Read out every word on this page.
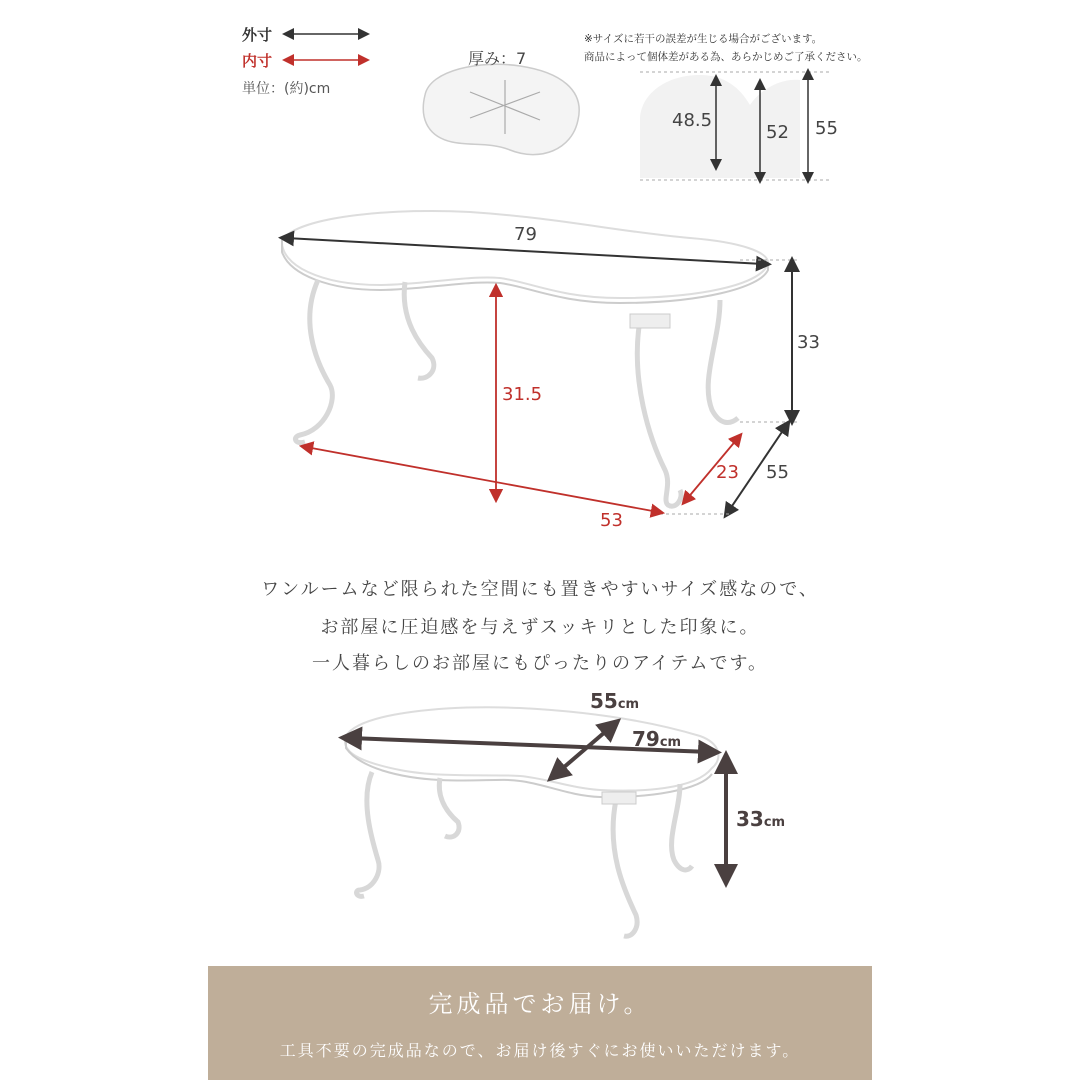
外寸
内寸
単位：(約)cm
48.5
52 55
厚み：7
79
33
31.5
55
23
53
55cm
79cm
33cm
※サイズに若干の誤差が生じる場合がございます。
商品によって個体差がある為、あらかじめご了承ください。
ワンルームなど限られた空間にも置きやすいサイズ感なので、
お部屋に圧迫感を与えずスッキリとした印象に。
一人暮らしのお部屋にもぴったりのアイテムです。
完成品でお届け。
工具不要の完成品なので、お届け後すぐにお使いいただけます。
